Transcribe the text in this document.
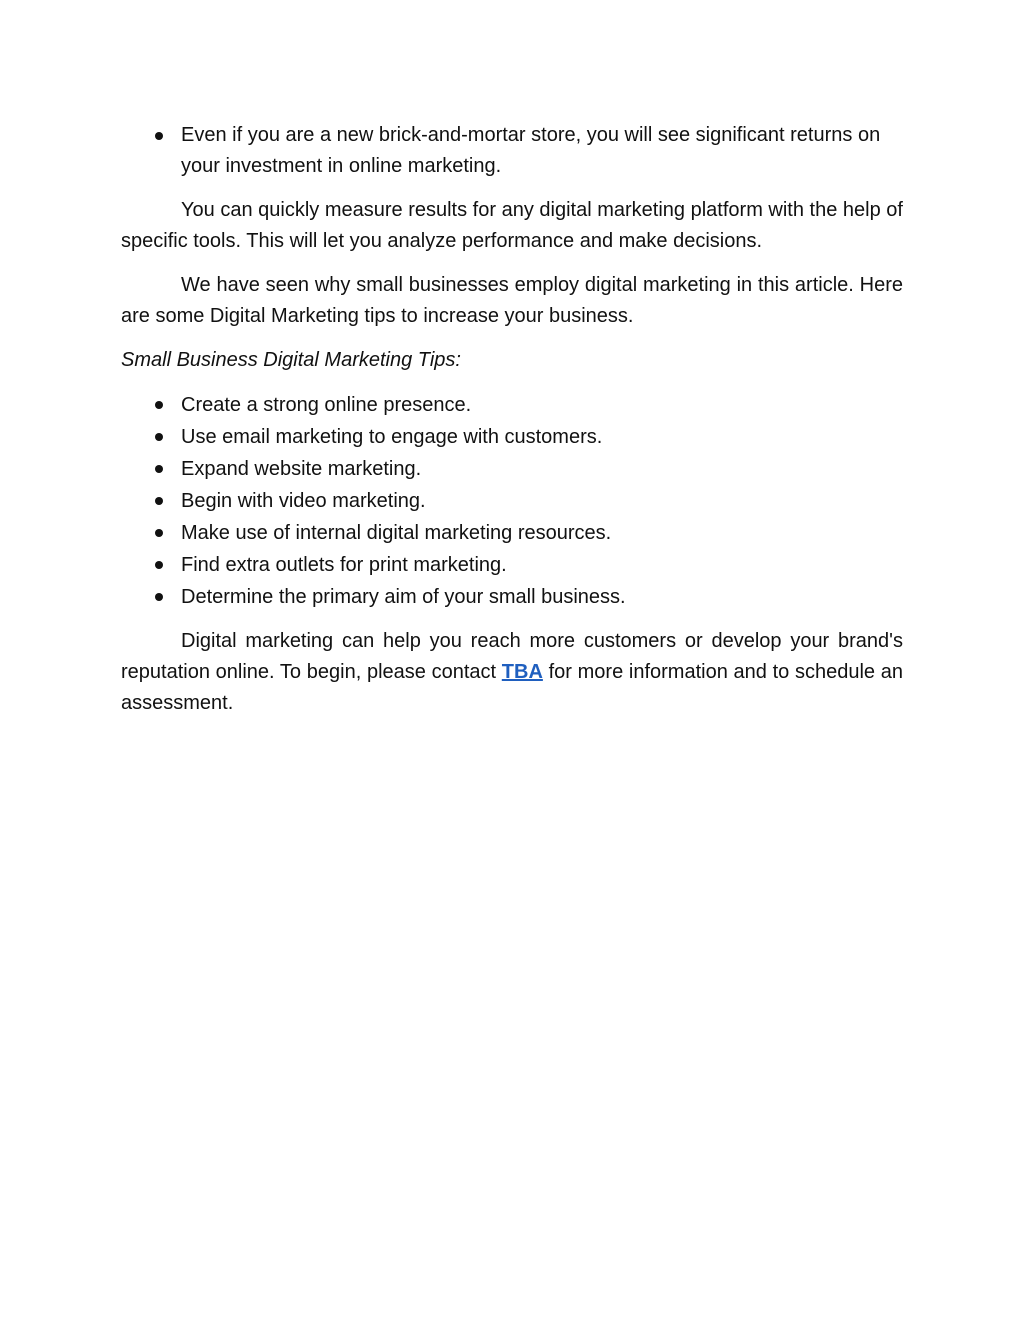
Even if you are a new brick-and-mortar store, you will see significant returns on your investment in online marketing.

You can quickly measure results for any digital marketing platform with the help of specific tools. This will let you analyze performance and make decisions.

We have seen why small businesses employ digital marketing in this article. Here are some Digital Marketing tips to increase your business.

Small Business Digital Marketing Tips:

Create a strong online presence.
Use email marketing to engage with customers.
Expand website marketing.
Begin with video marketing.
Make use of internal digital marketing resources.
Find extra outlets for print marketing.
Determine the primary aim of your small business.

Digital marketing can help you reach more customers or develop your brand's reputation online. To begin, please contact TBA for more information and to schedule an assessment.
